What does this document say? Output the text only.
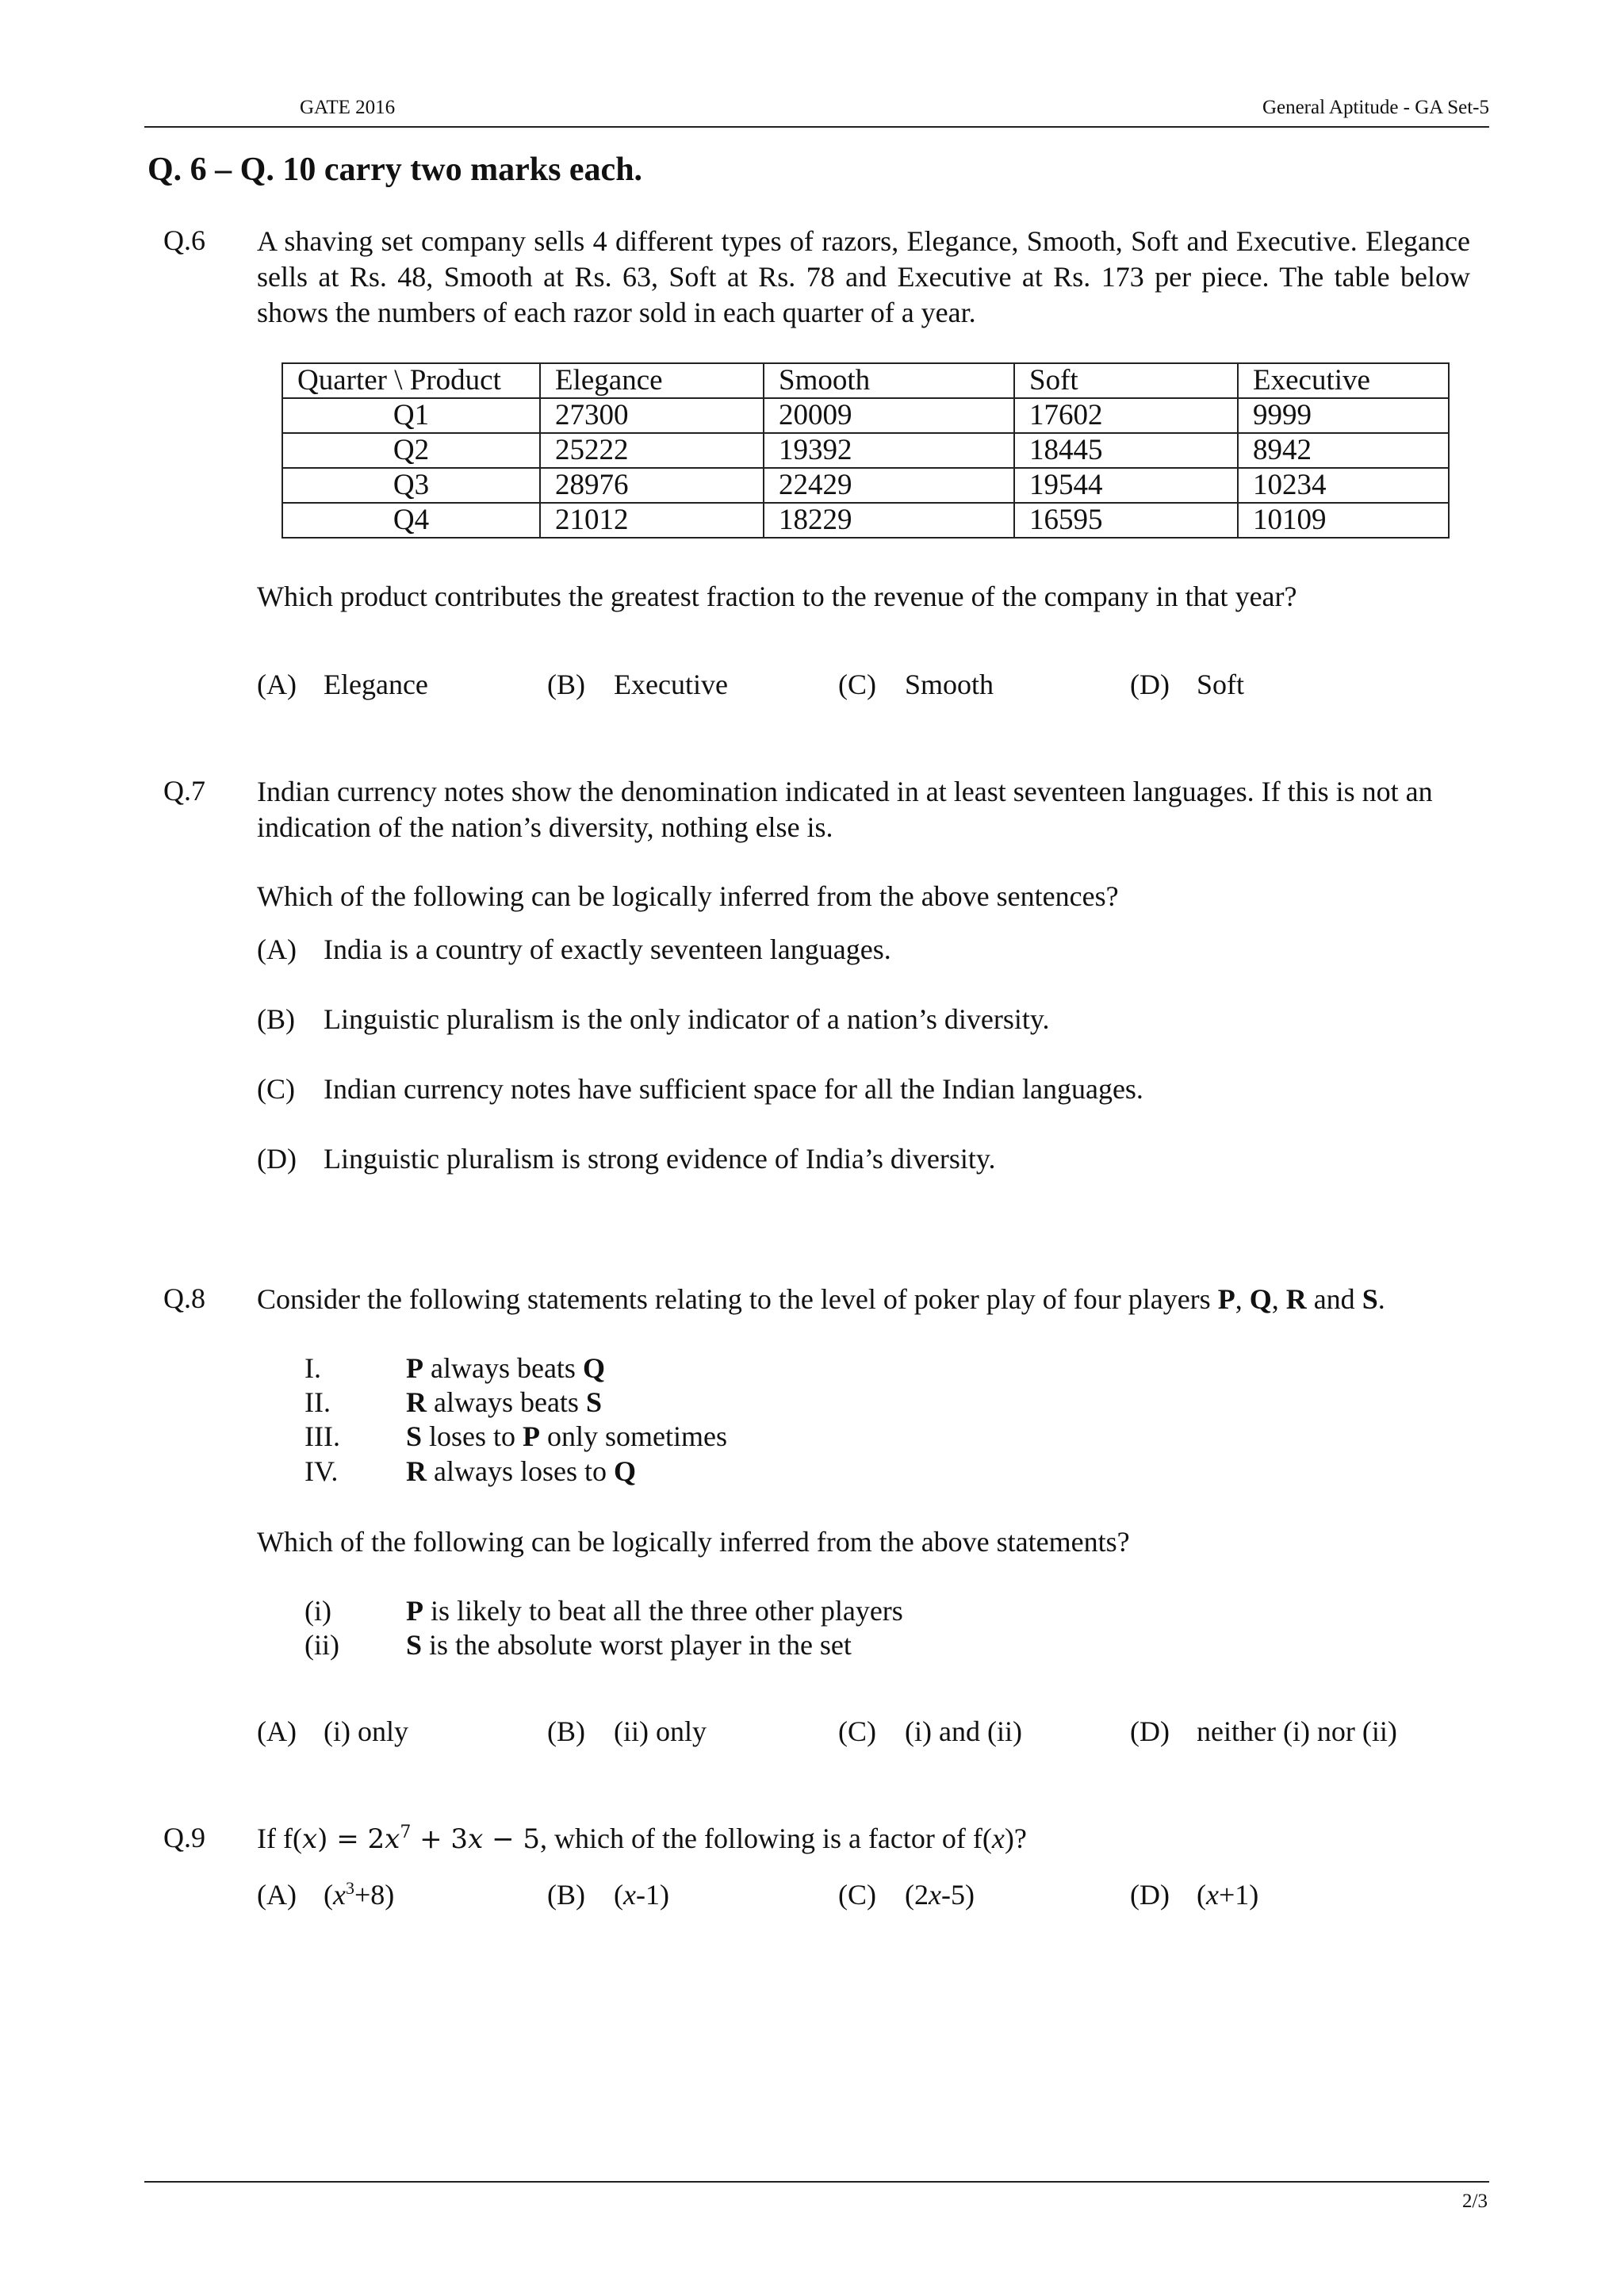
GATE 2016	General Aptitude - GA Set-5
Q. 6 – Q. 10 carry two marks each.
Q.6 A shaving set company sells 4 different types of razors, Elegance, Smooth, Soft and Executive. Elegance sells at Rs. 48, Smooth at Rs. 63, Soft at Rs. 78 and Executive at Rs. 173 per piece. The table below shows the numbers of each razor sold in each quarter of a year.
Quarter \ Product	Elegance	Smooth	Soft	Executive
Q1	27300	20009	17602	9999
Q2	25222	19392	18445	8942
Q3	28976	22429	19544	10234
Q4	21012	18229	16595	10109
Which product contributes the greatest fraction to the revenue of the company in that year?
(A) Elegance	(B) Executive	(C) Smooth	(D) Soft
Q.7 Indian currency notes show the denomination indicated in at least seventeen languages. If this is not an indication of the nation’s diversity, nothing else is.
Which of the following can be logically inferred from the above sentences?
(A) India is a country of exactly seventeen languages.
(B) Linguistic pluralism is the only indicator of a nation’s diversity.
(C) Indian currency notes have sufficient space for all the Indian languages.
(D) Linguistic pluralism is strong evidence of India’s diversity.
Q.8 Consider the following statements relating to the level of poker play of four players P, Q, R and S.
I.	P always beats Q
II.	R always beats S
III. S loses to P only sometimes
IV. R always loses to Q
Which of the following can be logically inferred from the above statements?
(i)	P is likely to beat all the three other players
(ii) S is the absolute worst player in the set
(A) (i) only	(B) (ii) only	(C) (i) and (ii)	(D) neither (i) nor (ii)
Q.9 If $f(x) = 2x^7 + 3x - 5$, which of the following is a factor of f(x)?
(A) $(x^3+8)$	(B) (x-1)	(C) (2x-5)	(D) (x+1)
2/3
